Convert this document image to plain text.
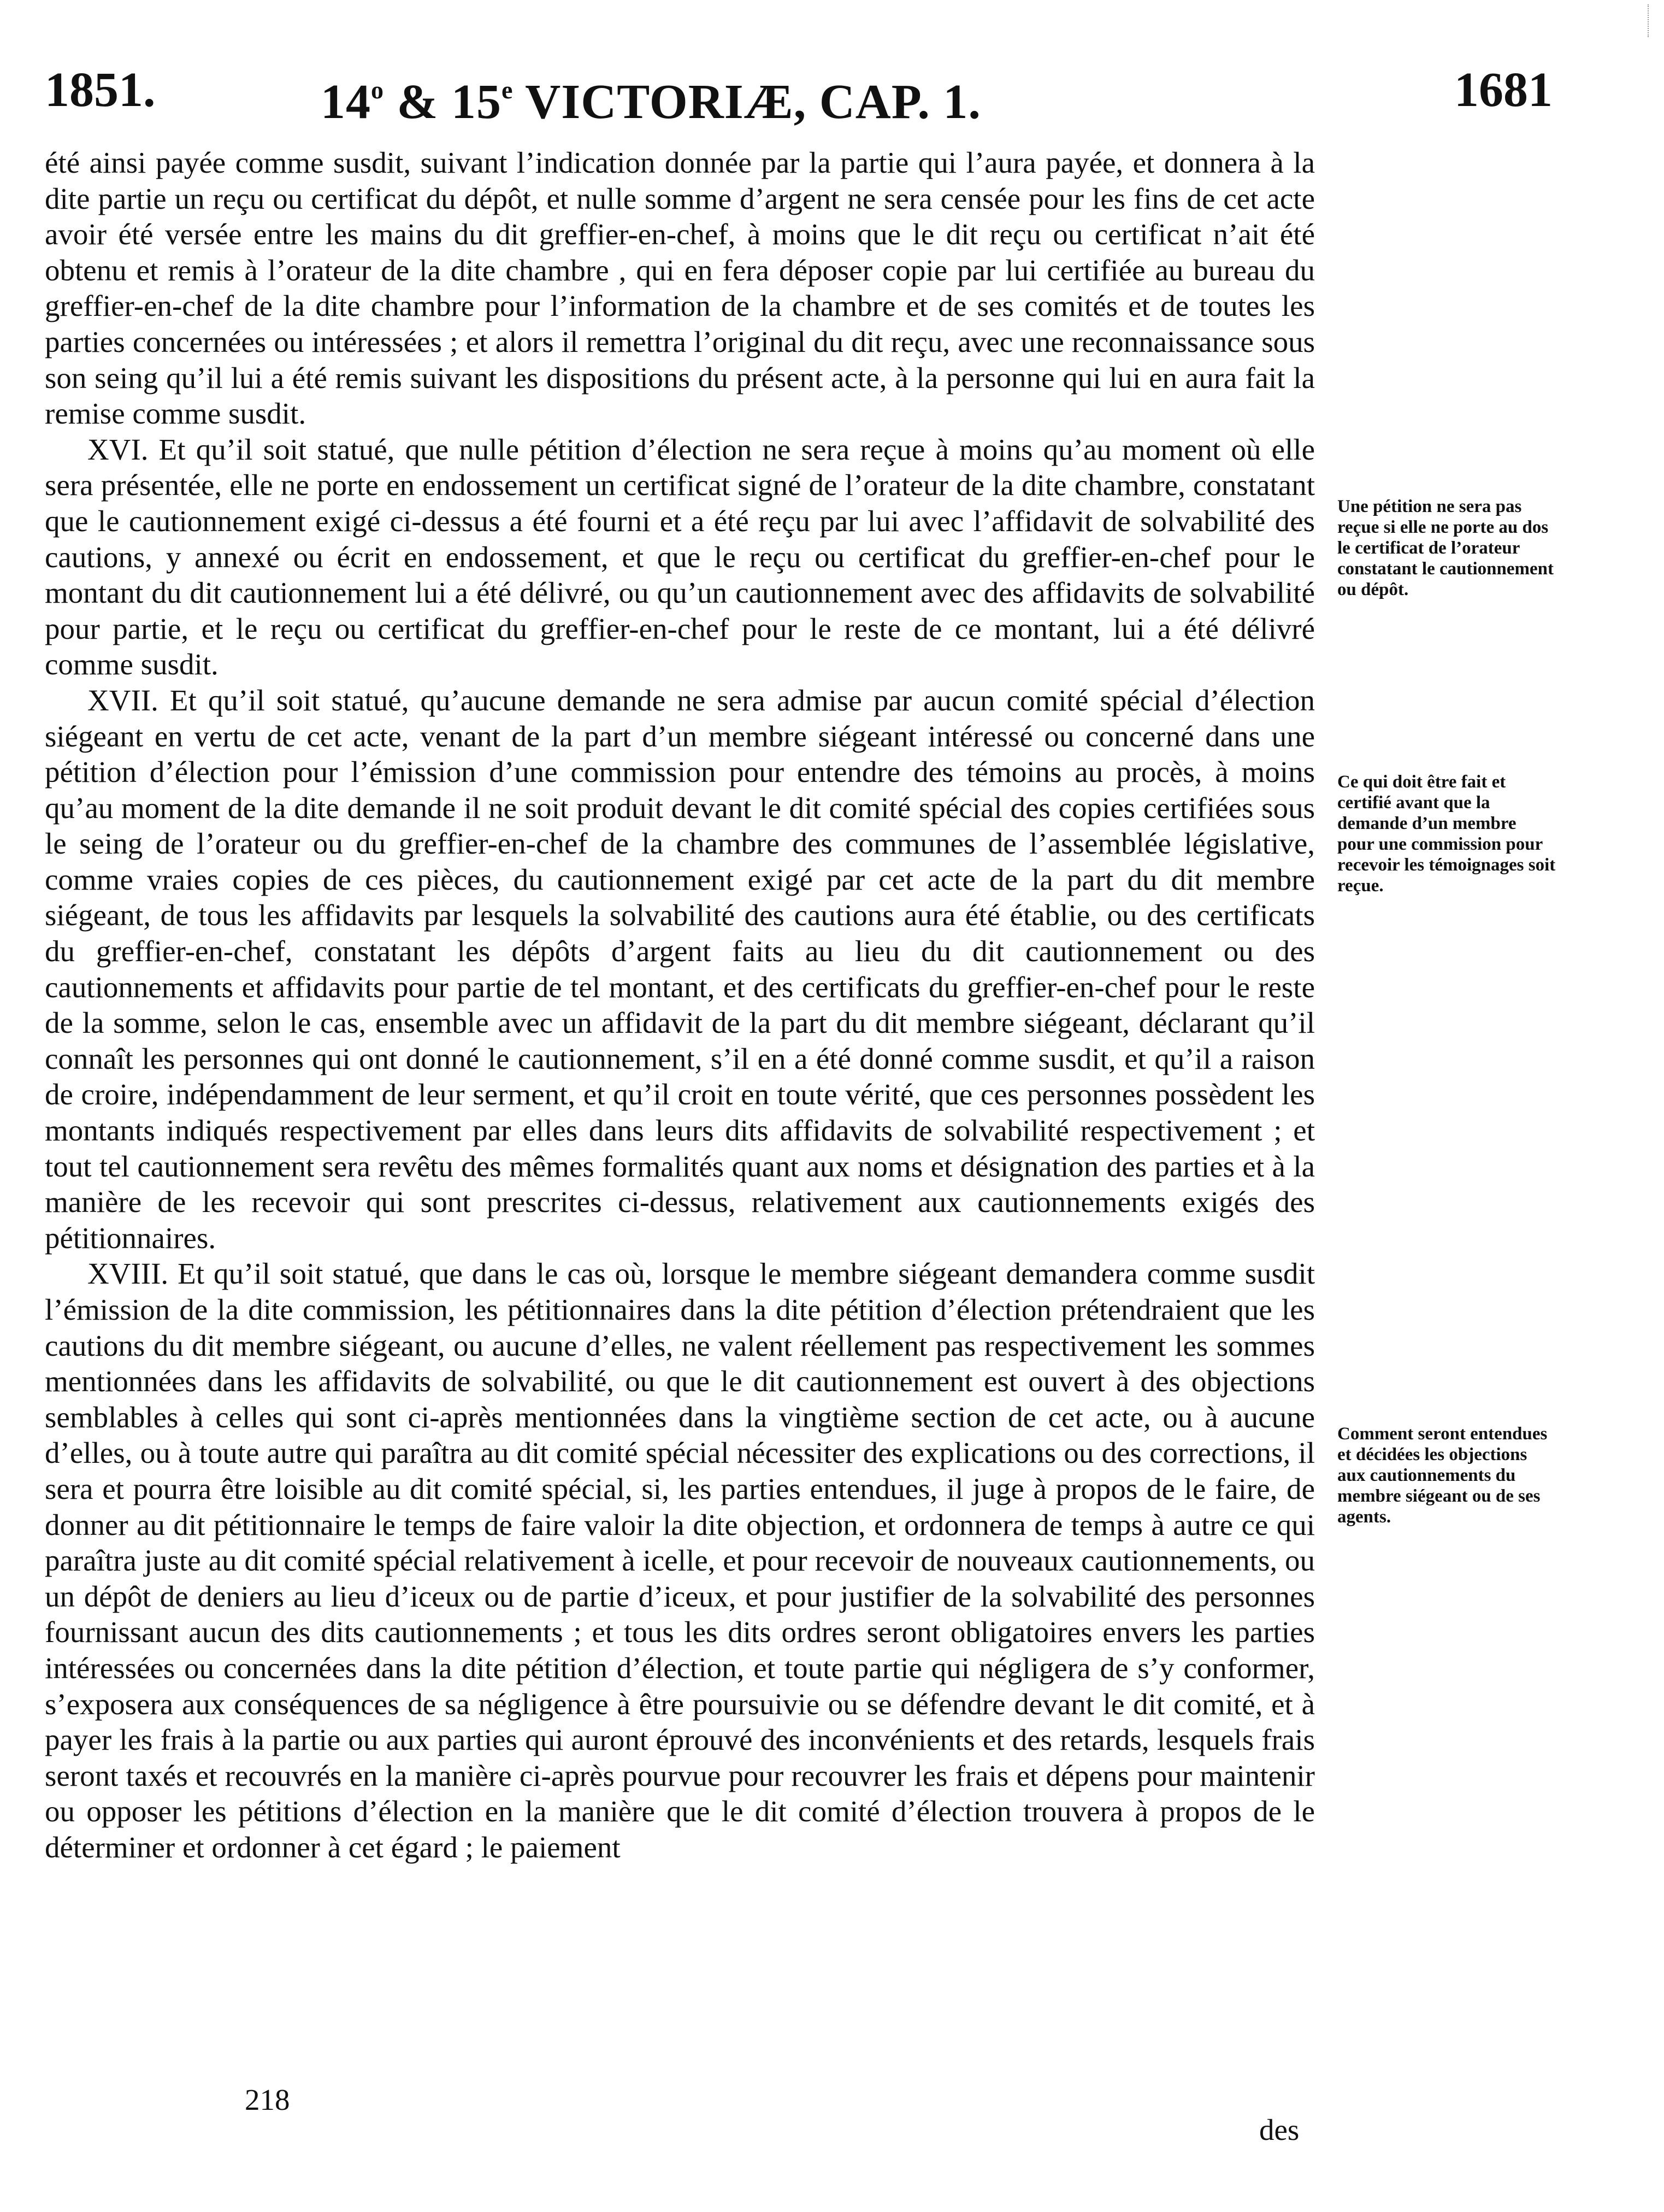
1851.	14$^o$ & 15e VICTORIÆ, CAP. 1.	1681

été ainsi payée comme susdit, suivant l’indication donnée par la partie qui l’aura payée, et donnera à la dite partie un reçu ou certificat du dépôt, et nulle somme d’argent ne sera censée pour les fins de cet acte avoir été versée entre les mains du dit greffier-en-chef, à moins que le dit reçu ou certificat n’ait été obtenu et remis à l’orateur de la dite chambre , qui en fera déposer copie par lui certifiée au bureau du greffier-en-chef de la dite chambre pour l’information de la chambre et de ses comités et de toutes les parties concernées ou intéressées ; et alors il remettra l’original du dit reçu, avec une reconnaissance sous son seing qu’il lui a été remis suivant les dispositions du présent acte, à la personne qui lui en aura fait la remise comme susdit.

XVI. Et qu’il soit statué, que nulle pétition d’élection ne sera reçue à moins qu’au moment où elle sera présentée, elle ne porte en endossement un certificat signé de l’orateur de la dite chambre, constatant que le cautionnement exigé ci-dessus a été fourni et a été reçu par lui avec l’affidavit de solvabilité des cautions, y annexé ou écrit en endossement, et que le reçu ou certificat du greffier-en-chef pour le montant du dit cautionnement lui a été délivré, ou qu’un cautionnement avec des affidavits de solvabilité pour partie, et le reçu ou certificat du greffier-en-chef pour le reste de ce montant, lui a été délivré comme susdit.

XVII. Et qu’il soit statué, qu’aucune demande ne sera admise par aucun comité spécial d’élection siégeant en vertu de cet acte, venant de la part d’un membre siégeant intéressé ou concerné dans une pétition d’élection pour l’émission d’une commission pour entendre des témoins au procès, à moins qu’au moment de la dite demande il ne soit produit devant le dit comité spécial des copies certifiées sous le seing de l’orateur ou du greffier-en-chef de la chambre des communes de l’assemblée législative, comme vraies copies de ces pièces, du cautionnement exigé par cet acte de la part du dit membre siégeant, de tous les affidavits par lesquels la solvabilité des cautions aura été établie, ou des certificats du greffier-en-chef, constatant les dépôts d’argent faits au lieu du dit cautionnement ou des cautionnements et affidavits pour partie de tel montant, et des certificats du greffier-en-chef pour le reste de la somme, selon le cas, ensemble avec un affidavit de la part du dit membre siégeant, déclarant qu’il connaît les personnes qui ont donné le cautionnement, s’il en a été donné comme susdit, et qu’il a raison de croire, indépendamment de leur serment, et qu’il croit en toute vérité, que ces personnes possèdent les montants indiqués respectivement par elles dans leurs dits affidavits de solvabilité respectivement ; et tout tel cautionnement sera revêtu des mêmes formalités quant aux noms et désignation des parties et à la manière de les recevoir qui sont prescrites ci-dessus, relativement aux cautionnements exigés des pétitionnaires.

XVIII. Et qu’il soit statué, que dans le cas où, lorsque le membre siégeant demandera comme susdit l’émission de la dite commission, les pétitionnaires dans la dite pétition d’élection prétendraient que les cautions du dit membre siégeant, ou aucune d’elles, ne valent réellement pas respectivement les sommes mentionnées dans les affidavits de solvabilité, ou que le dit cautionnement est ouvert à des objections semblables à celles qui sont ci-après mentionnées dans la vingtième section de cet acte, ou à aucune d’elles, ou à toute autre qui paraîtra au dit comité spécial nécessiter des explications ou des corrections, il sera et pourra être loisible au dit comité spécial, si, les parties entendues, il juge à propos de le faire, de donner au dit pétitionnaire le temps de faire valoir la dite objection, et ordonnera de temps à autre ce qui paraîtra juste au dit comité spécial relativement à icelle, et pour recevoir de nouveaux cautionnements, ou un dépôt de deniers au lieu d’iceux ou de partie d’iceux, et pour justifier de la solvabilité des personnes fournissant aucun des dits cautionnements ; et tous les dits ordres seront obligatoires envers les parties intéressées ou concernées dans la dite pétition d’élection, et toute partie qui négligera de s’y conformer, s’exposera aux conséquences de sa négligence à être poursuivie ou se défendre devant le dit comité, et à payer les frais à la partie ou aux parties qui auront éprouvé des inconvénients et des retards, lesquels frais seront taxés et recouvrés en la manière ci-après pourvue pour recouvrer les frais et dépens pour maintenir ou opposer les pétitions d’élection en la manière que le dit comité d’élection trouvera à propos de le déterminer et ordonner à cet égard ; le paiement

Une pétition ne sera pas reçue si elle ne porte au dos le certificat de l’orateur constatant le cautionnement ou dépôt.
Ce qui doit être fait et certifié avant que la demande d’un membre pour une commission pour recevoir les témoignages soit reçue.
Comment seront entendues et décidées les objections aux cautionnements du membre siégeant ou de ses agents.
218
des
